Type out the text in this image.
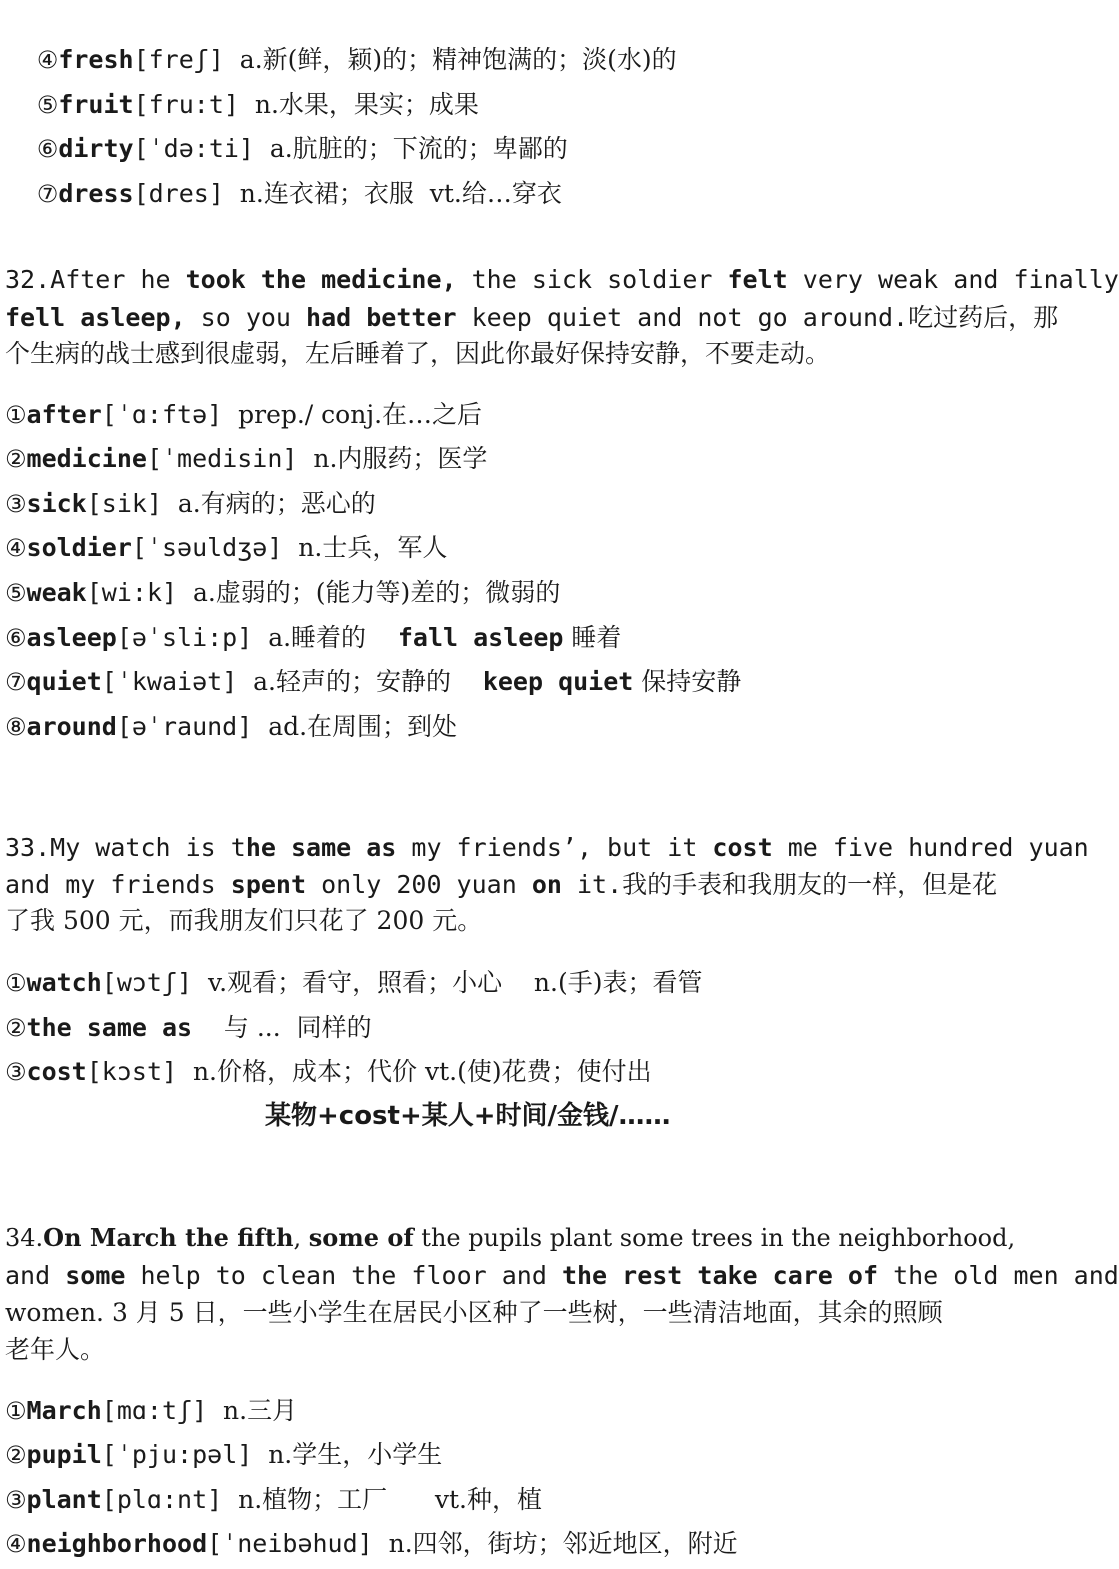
④fresh[freʃ] a.新(鲜，颖)的；精神饱满的；淡(水)的

⑤fruit[fru:t] n.水果，果实；成果

⑥dirty[ˈdə:ti] a.肮脏的；下流的；卑鄙的

⑦dress[dres] n.连衣裙；衣服  vt.给…穿衣

32.After he took the medicine, the sick soldier felt very weak and finally
fell asleep, so you had better keep quiet and not go around.吃过药后，那
个生病的战士感到很虚弱，左后睡着了，因此你最好保持安静，不要走动。
①after[ˈɑ:ftə] prep./ conj.在…之后
②medicine[ˈmedisin] n.内服药；医学
③sick[sik] a.有病的；恶心的
④soldier[ˈsəuldʒə] n.士兵，军人
⑤weak[wi:k] a.虚弱的；(能力等)差的；微弱的
⑥asleep[əˈsli:p] a.睡着的 fall asleep 睡着
⑦quiet[ˈkwaiət] a.轻声的；安静的 keep quiet 保持安静
⑧around[əˈraund] ad.在周围；到处
33.My watch is the same as my friends’, but it cost me five hundred yuan
and my friends spent only 200 yuan on it.我的手表和我朋友的一样，但是花
了我 500 元，而我朋友们只花了 200 元。
①watch[wɔtʃ] v.观看；看守，照看；小心    n.(手)表；看管
②the same as    与 ...  同样的
③cost[kɔst] n.价格，成本；代价 vt.(使)花费；使付出
某物+cost+某人+时间/金钱/……
34.On March the fifth, some of the pupils plant some trees in the neighborhood,
and some help to clean the floor and the rest take care of the old men and
women. 3 月 5 日，一些小学生在居民小区种了一些树，一些清洁地面，其余的照顾
老年人。
①March[mɑ:tʃ] n.三月
②pupil[ˈpju:pəl] n.学生，小学生
③plant[plɑ:nt] n.植物；工厂      vt.种，植
④neighborhood[ˈneibəhud] n.四邻，街坊；邻近地区，附近
